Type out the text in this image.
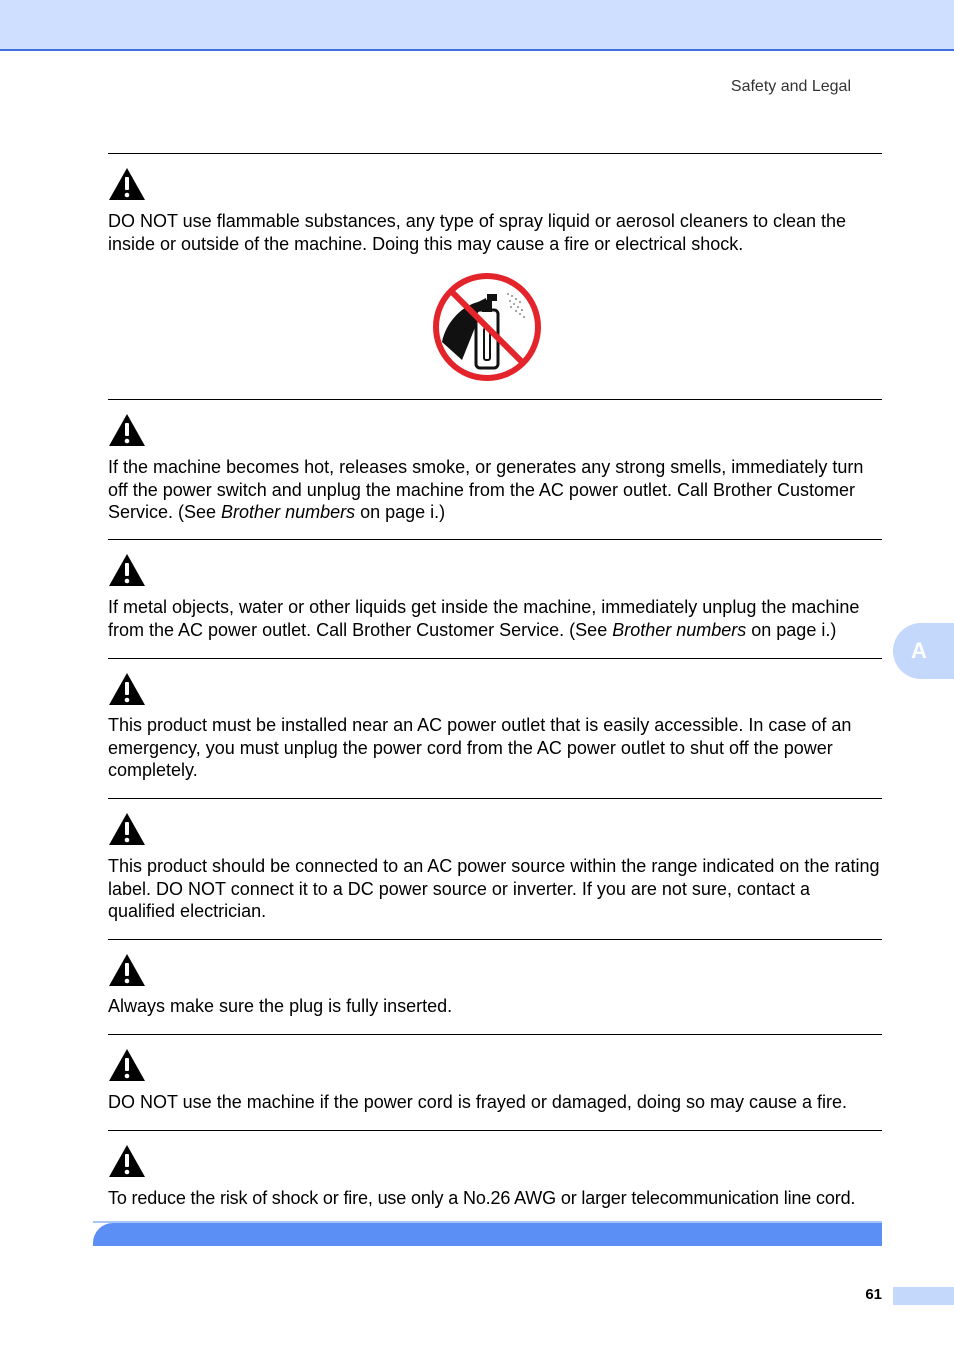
Safety and Legal

DO NOT use flammable substances, any type of spray liquid or aerosol cleaners to clean the inside or outside of the machine. Doing this may cause a fire or electrical shock.

If the machine becomes hot, releases smoke, or generates any strong smells, immediately turn off the power switch and unplug the machine from the AC power outlet. Call Brother Customer Service. (See Brother numbers on page i.)

If metal objects, water or other liquids get inside the machine, immediately unplug the machine from the AC power outlet. Call Brother Customer Service. (See Brother numbers on page i.)

This product must be installed near an AC power outlet that is easily accessible. In case of an emergency, you must unplug the power cord from the AC power outlet to shut off the power completely.

This product should be connected to an AC power source within the range indicated on the rating label. DO NOT connect it to a DC power source or inverter. If you are not sure, contact a qualified electrician.

Always make sure the plug is fully inserted.

DO NOT use the machine if the power cord is frayed or damaged, doing so may cause a fire.

To reduce the risk of shock or fire, use only a No.26 AWG or larger telecommunication line cord.

A
61
